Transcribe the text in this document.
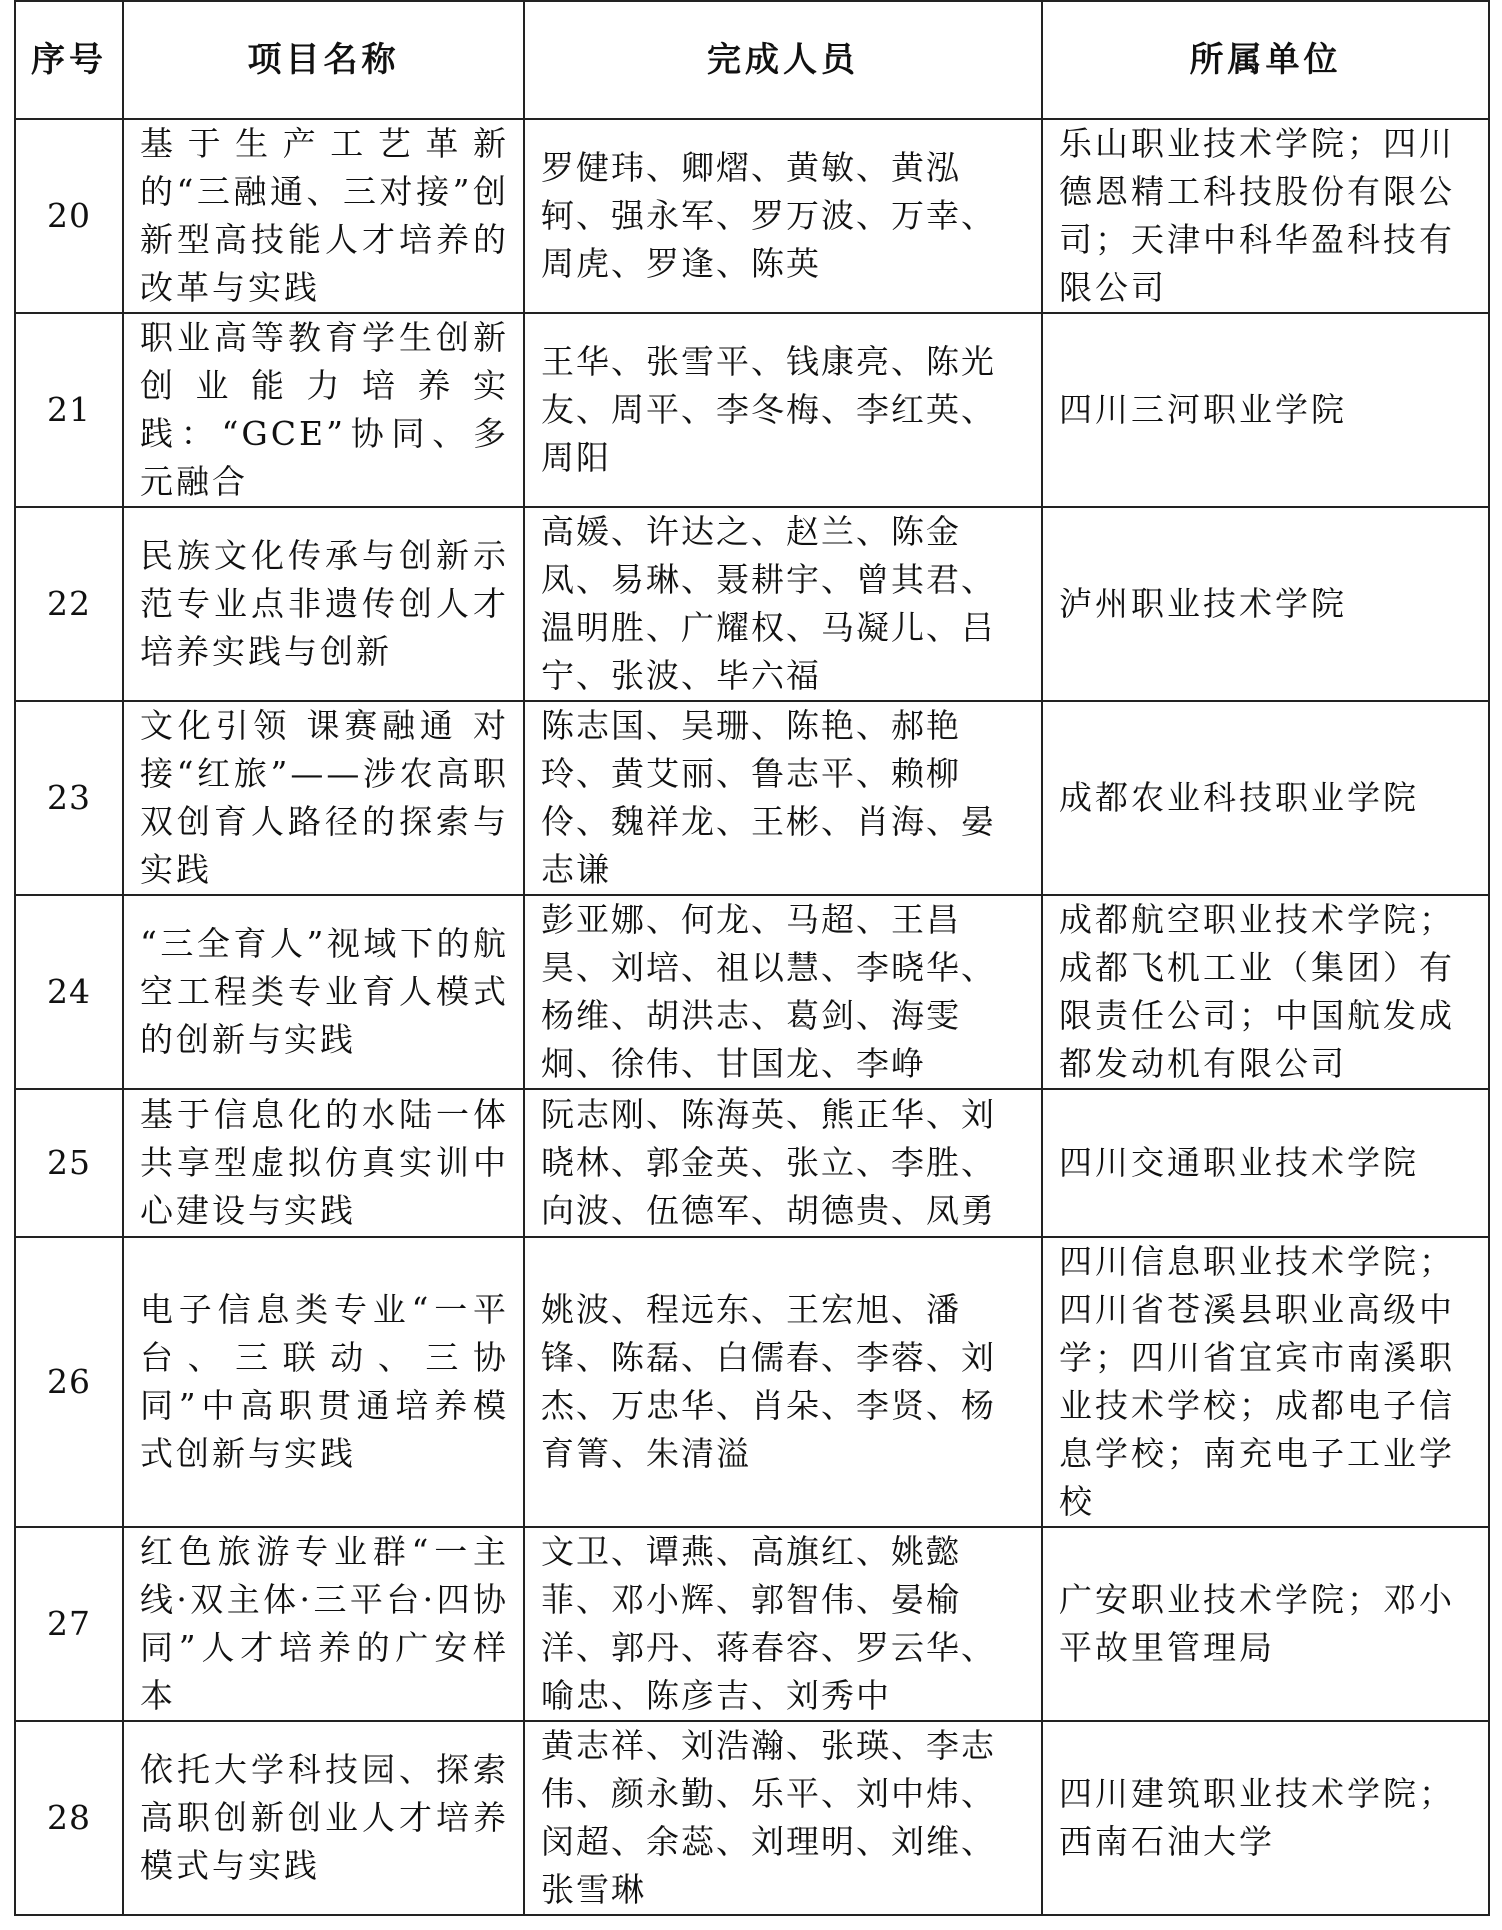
序号	项目名称	完成人员	所属单位
20	基于生产工艺革新的“三融通、三对接”创新型高技能人才培养的改革与实践	罗健玮、卿熠、黄敏、黄泓轲、强永军、罗万波、万幸、周虎、罗逢、陈英	乐山职业技术学院；四川德恩精工科技股份有限公司；天津中科华盈科技有限公司
21	职业高等教育学生创新创业能力培养实践：“GCE”协同、多元融合	王华、张雪平、钱康亮、陈光友、周平、李冬梅、李红英、周阳	四川三河职业学院
22	民族文化传承与创新示范专业点非遗传创人才培养实践与创新	高媛、许达之、赵兰、陈金凤、易琳、聂耕宇、曾其君、温明胜、广耀权、马凝儿、吕宁、张波、毕六福	泸州职业技术学院
23	文化引领 课赛融通 对接“红旅”——涉农高职双创育人路径的探索与实践	陈志国、吴珊、陈艳、郝艳玲、黄艾丽、鲁志平、赖柳伶、魏祥龙、王彬、肖海、晏志谦	成都农业科技职业学院
24	“三全育人”视域下的航空工程类专业育人模式的创新与实践	彭亚娜、何龙、马超、王昌昊、刘培、祖以慧、李晓华、杨维、胡洪志、葛剑、海雯炯、徐伟、甘国龙、李峥	成都航空职业技术学院；成都飞机工业（集团）有限责任公司；中国航发成都发动机有限公司
25	基于信息化的水陆一体共享型虚拟仿真实训中心建设与实践	阮志刚、陈海英、熊正华、刘晓林、郭金英、张立、李胜、向波、伍德军、胡德贵、凤勇	四川交通职业技术学院
26	电子信息类专业“一平台、三联动、三协同”中高职贯通培养模式创新与实践	姚波、程远东、王宏旭、潘锋、陈磊、白儒春、李蓉、刘杰、万忠华、肖朵、李贤、杨育箐、朱清溢	四川信息职业技术学院；四川省苍溪县职业高级中学；四川省宜宾市南溪职业技术学校；成都电子信息学校；南充电子工业学校
27	红色旅游专业群“一主线·双主体·三平台·四协同”人才培养的广安样本	文卫、谭燕、高旗红、姚懿菲、邓小辉、郭智伟、晏榆洋、郭丹、蒋春容、罗云华、喻忠、陈彦吉、刘秀中	广安职业技术学院；邓小平故里管理局
28	依托大学科技园、探索高职创新创业人才培养模式与实践	黄志祥、刘浩瀚、张瑛、李志伟、颜永勤、乐平、刘中炜、闵超、余蕊、刘理明、刘维、张雪琳	四川建筑职业技术学院；西南石油大学
